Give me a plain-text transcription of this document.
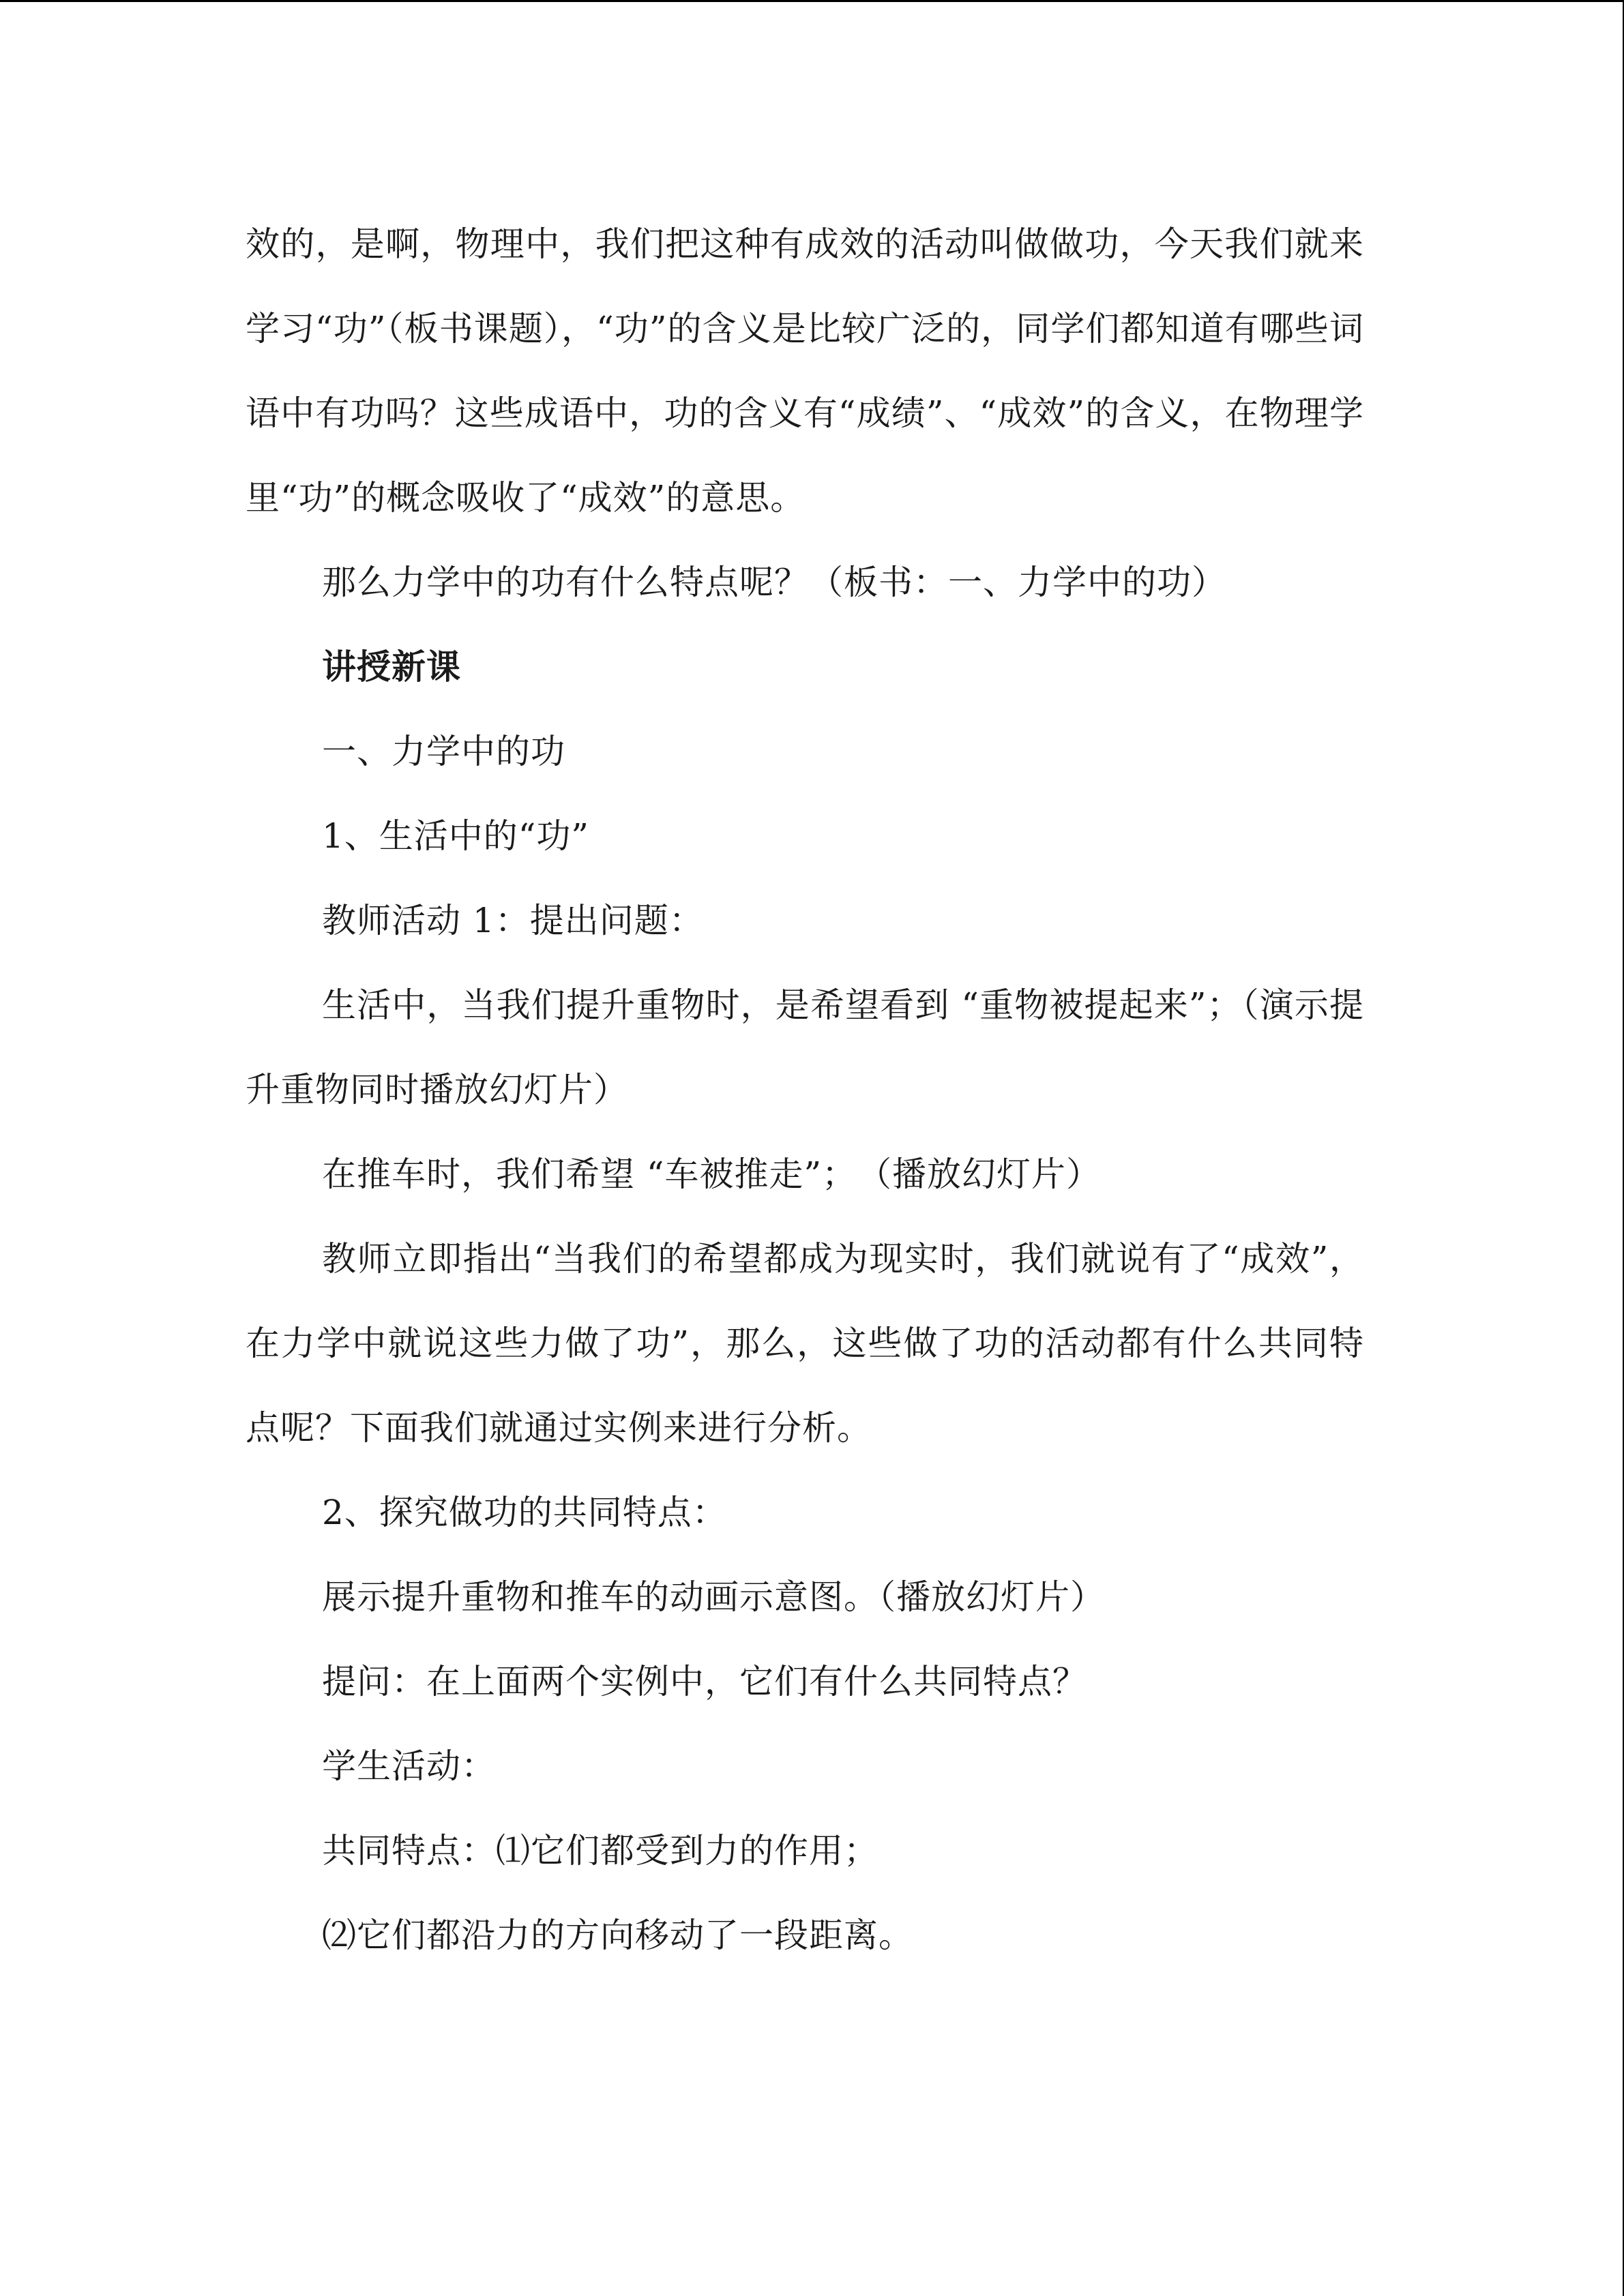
效的，是啊，物理中，我们把这种有成效的活动叫做做功，今天我们就来学习“功”（板书课题），“功”的含义是比较广泛的，同学们都知道有哪些词语中有功吗？这些成语中，功的含义有“成绩”、“成效”的含义，在物理学里“功”的概念吸收了“成效”的意思。

那么力学中的功有什么特点呢？（板书：一、力学中的功）

讲授新课

一、力学中的功

1、生活中的“功”

教师活动 1：提出问题：

生活中，当我们提升重物时，是希望看到 “重物被提起来”；（演示提升重物同时播放幻灯片）

在推车时，我们希望 “车被推走”；　（播放幻灯片）

教师立即指出“当我们的希望都成为现实时，我们就说有了“成效”，在力学中就说这些力做了功”，那么，这些做了功的活动都有什么共同特点呢？下面我们就通过实例来进行分析。

2、探究做功的共同特点：

展示提升重物和推车的动画示意图。（播放幻灯片）

提问：在上面两个实例中，它们有什么共同特点？

学生活动：

共同特点：⑴它们都受到力的作用；

⑵它们都沿力的方向移动了一段距离。
